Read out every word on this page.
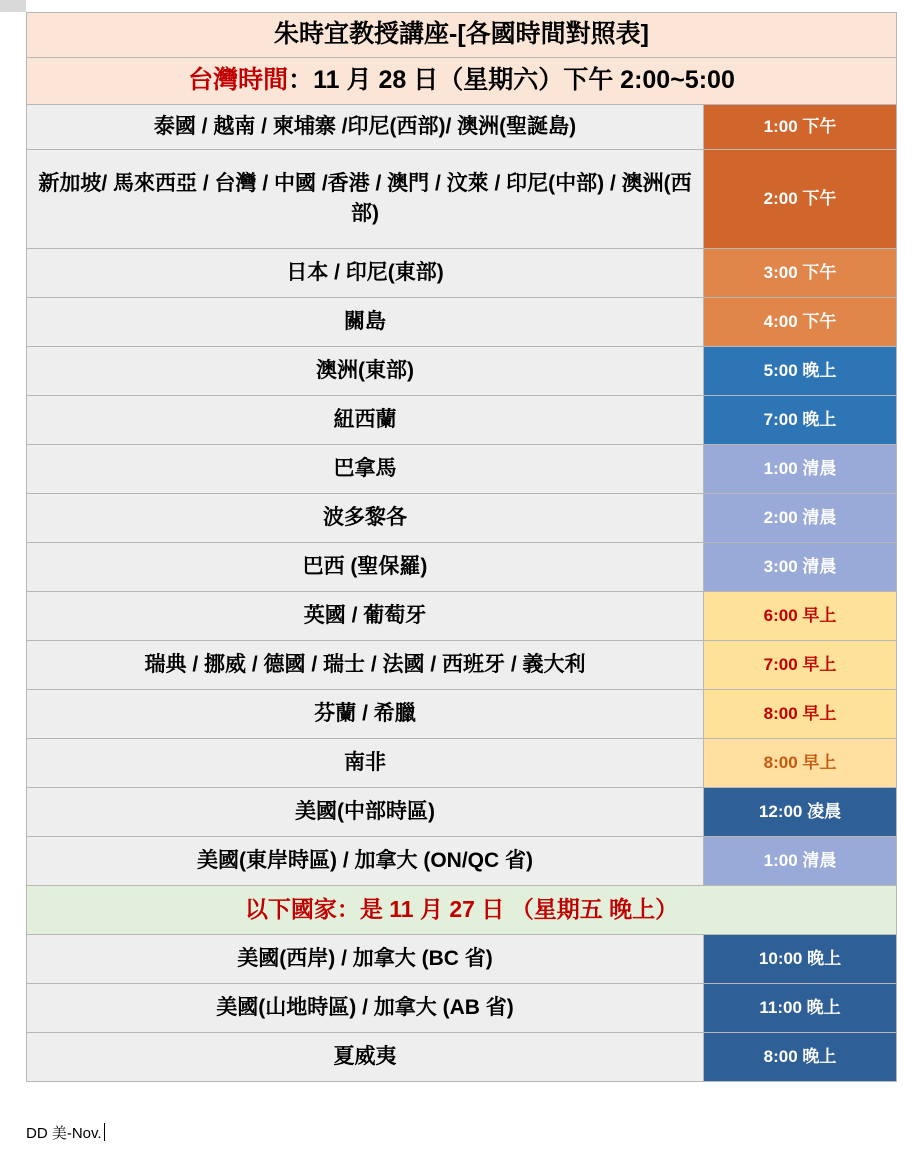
朱時宜教授講座-[各國時間對照表]	

台灣時間 ：11 月 28 日（星期六）下午 2:00~5:00	

泰國 / 越南 / 柬埔寨 /印尼(西部)/ 澳洲(聖誕島)	1:00 下午

新加坡/ 馬來西亞 / 台灣 / 中國 /香港 / 澳門 / 汶萊 / 印尼(中部) / 澳洲(西部)	2:00 下午

日本 / 印尼(東部)	3:00 下午

關島	4:00 下午

澳洲(東部)	5:00 晚上

紐西蘭	7:00 晚上

巴拿馬	1:00 清晨

波多黎各	2:00 清晨

巴西 (聖保羅)	3:00 清晨

英國 / 葡萄牙	6:00 早上

瑞典 / 挪威 / 德國 / 瑞士 / 法國 / 西班牙 / 義大利	7:00 早上

芬蘭 / 希臘	8:00 早上

南非	8:00 早上

美國(中部時區)	12:00 凌晨

美國(東岸時區) / 加拿大 (ON/QC 省)	1:00 清晨

以下國家：是 11 月 27 日 （星期五 晚上）	

美國(西岸) / 加拿大 (BC 省)	10:00 晚上

美國(山地時區) / 加拿大 (AB 省)	11:00 晚上

夏威夷	8:00 晚上
DD 美-Nov.
